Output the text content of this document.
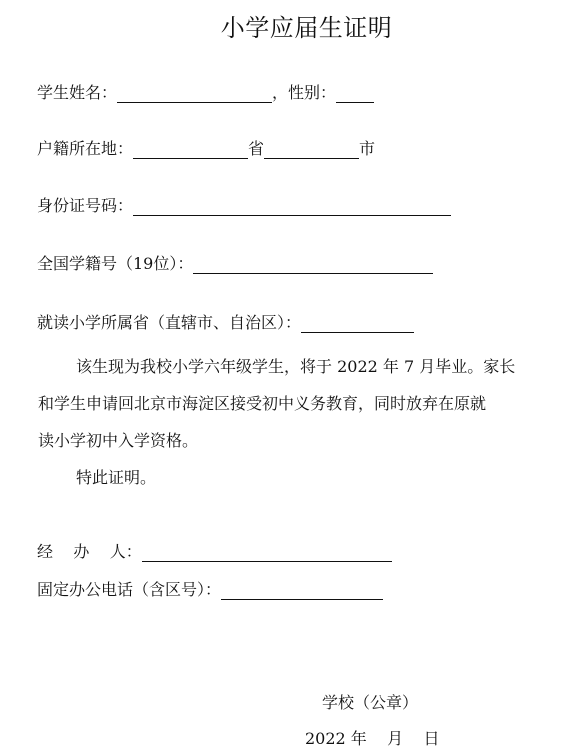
小学应届生证明
学生姓名：	，性别：
户籍所在地：	省	市
身份证号码：
全国学籍号（19位）：
就读小学所属省（直辖市、自治区）：
该生现为我校小学六年级学生，将于 2022 年 7 月毕业。家长
和学生申请回北京市海淀区接受初中义务教育，同时放弃在原就
读小学初中入学资格。
特此证明。
经    办    人：
固定办公电话（含区号）：
学校（公章）
2022 年    月    日
